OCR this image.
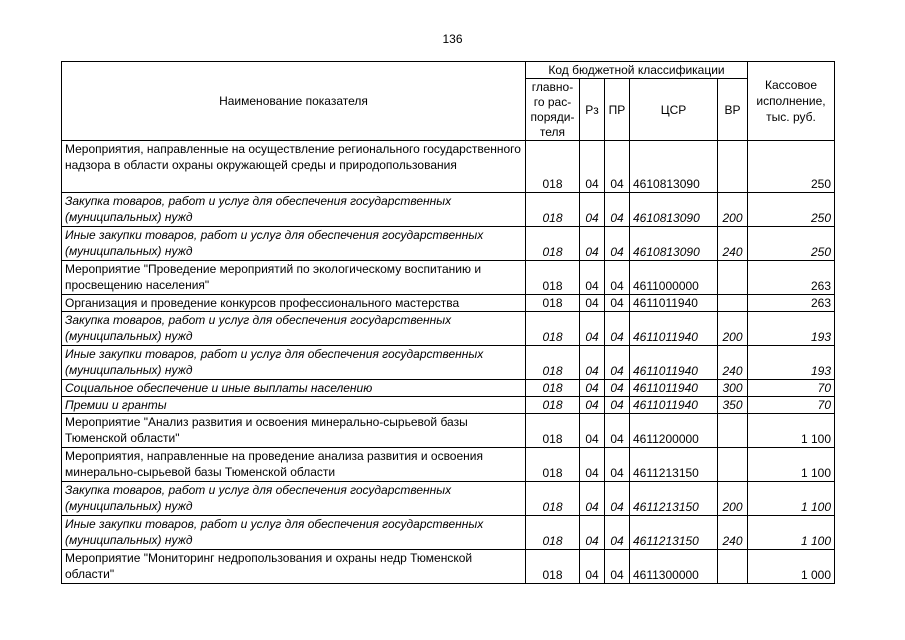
136
Наименование показателя	Код бюджетной классификации					Кассовое исполнение, тыс. руб.
	главно-
го рас-
поряди-
теля	Рз	ПР	ЦСР	ВР	
Мероприятия, направленные на осуществление регионального государственного надзора в области охраны окружающей среды и природопользования	018	04	04	4610813090		250
Закупка товаров, работ и услуг для обеспечения государственных (муниципальных) нужд	018	04	04	4610813090	200	250
Иные закупки товаров, работ и услуг для обеспечения государственных (муниципальных) нужд	018	04	04	4610813090	240	250
Мероприятие "Проведение мероприятий по экологическому воспитанию и просвещению населения"	018	04	04	4611000000		263
Организация и проведение конкурсов профессионального мастерства	018	04	04	4611011940		263
Закупка товаров, работ и услуг для обеспечения государственных (муниципальных) нужд	018	04	04	4611011940	200	193
Иные закупки товаров, работ и услуг для обеспечения государственных (муниципальных) нужд	018	04	04	4611011940	240	193
Социальное обеспечение и иные выплаты населению	018	04	04	4611011940	300	70
Премии и гранты	018	04	04	4611011940	350	70
Мероприятие "Анализ развития и освоения минерально-сырьевой базы Тюменской области"	018	04	04	4611200000		1 100
Мероприятия, направленные на проведение анализа развития и освоения минерально-сырьевой базы Тюменской области	018	04	04	4611213150		1 100
Закупка товаров, работ и услуг для обеспечения государственных (муниципальных) нужд	018	04	04	4611213150	200	1 100
Иные закупки товаров, работ и услуг для обеспечения государственных (муниципальных) нужд	018	04	04	4611213150	240	1 100
Мероприятие "Мониторинг недропользования и охраны недр Тюменской области"	018	04	04	4611300000		1 000
